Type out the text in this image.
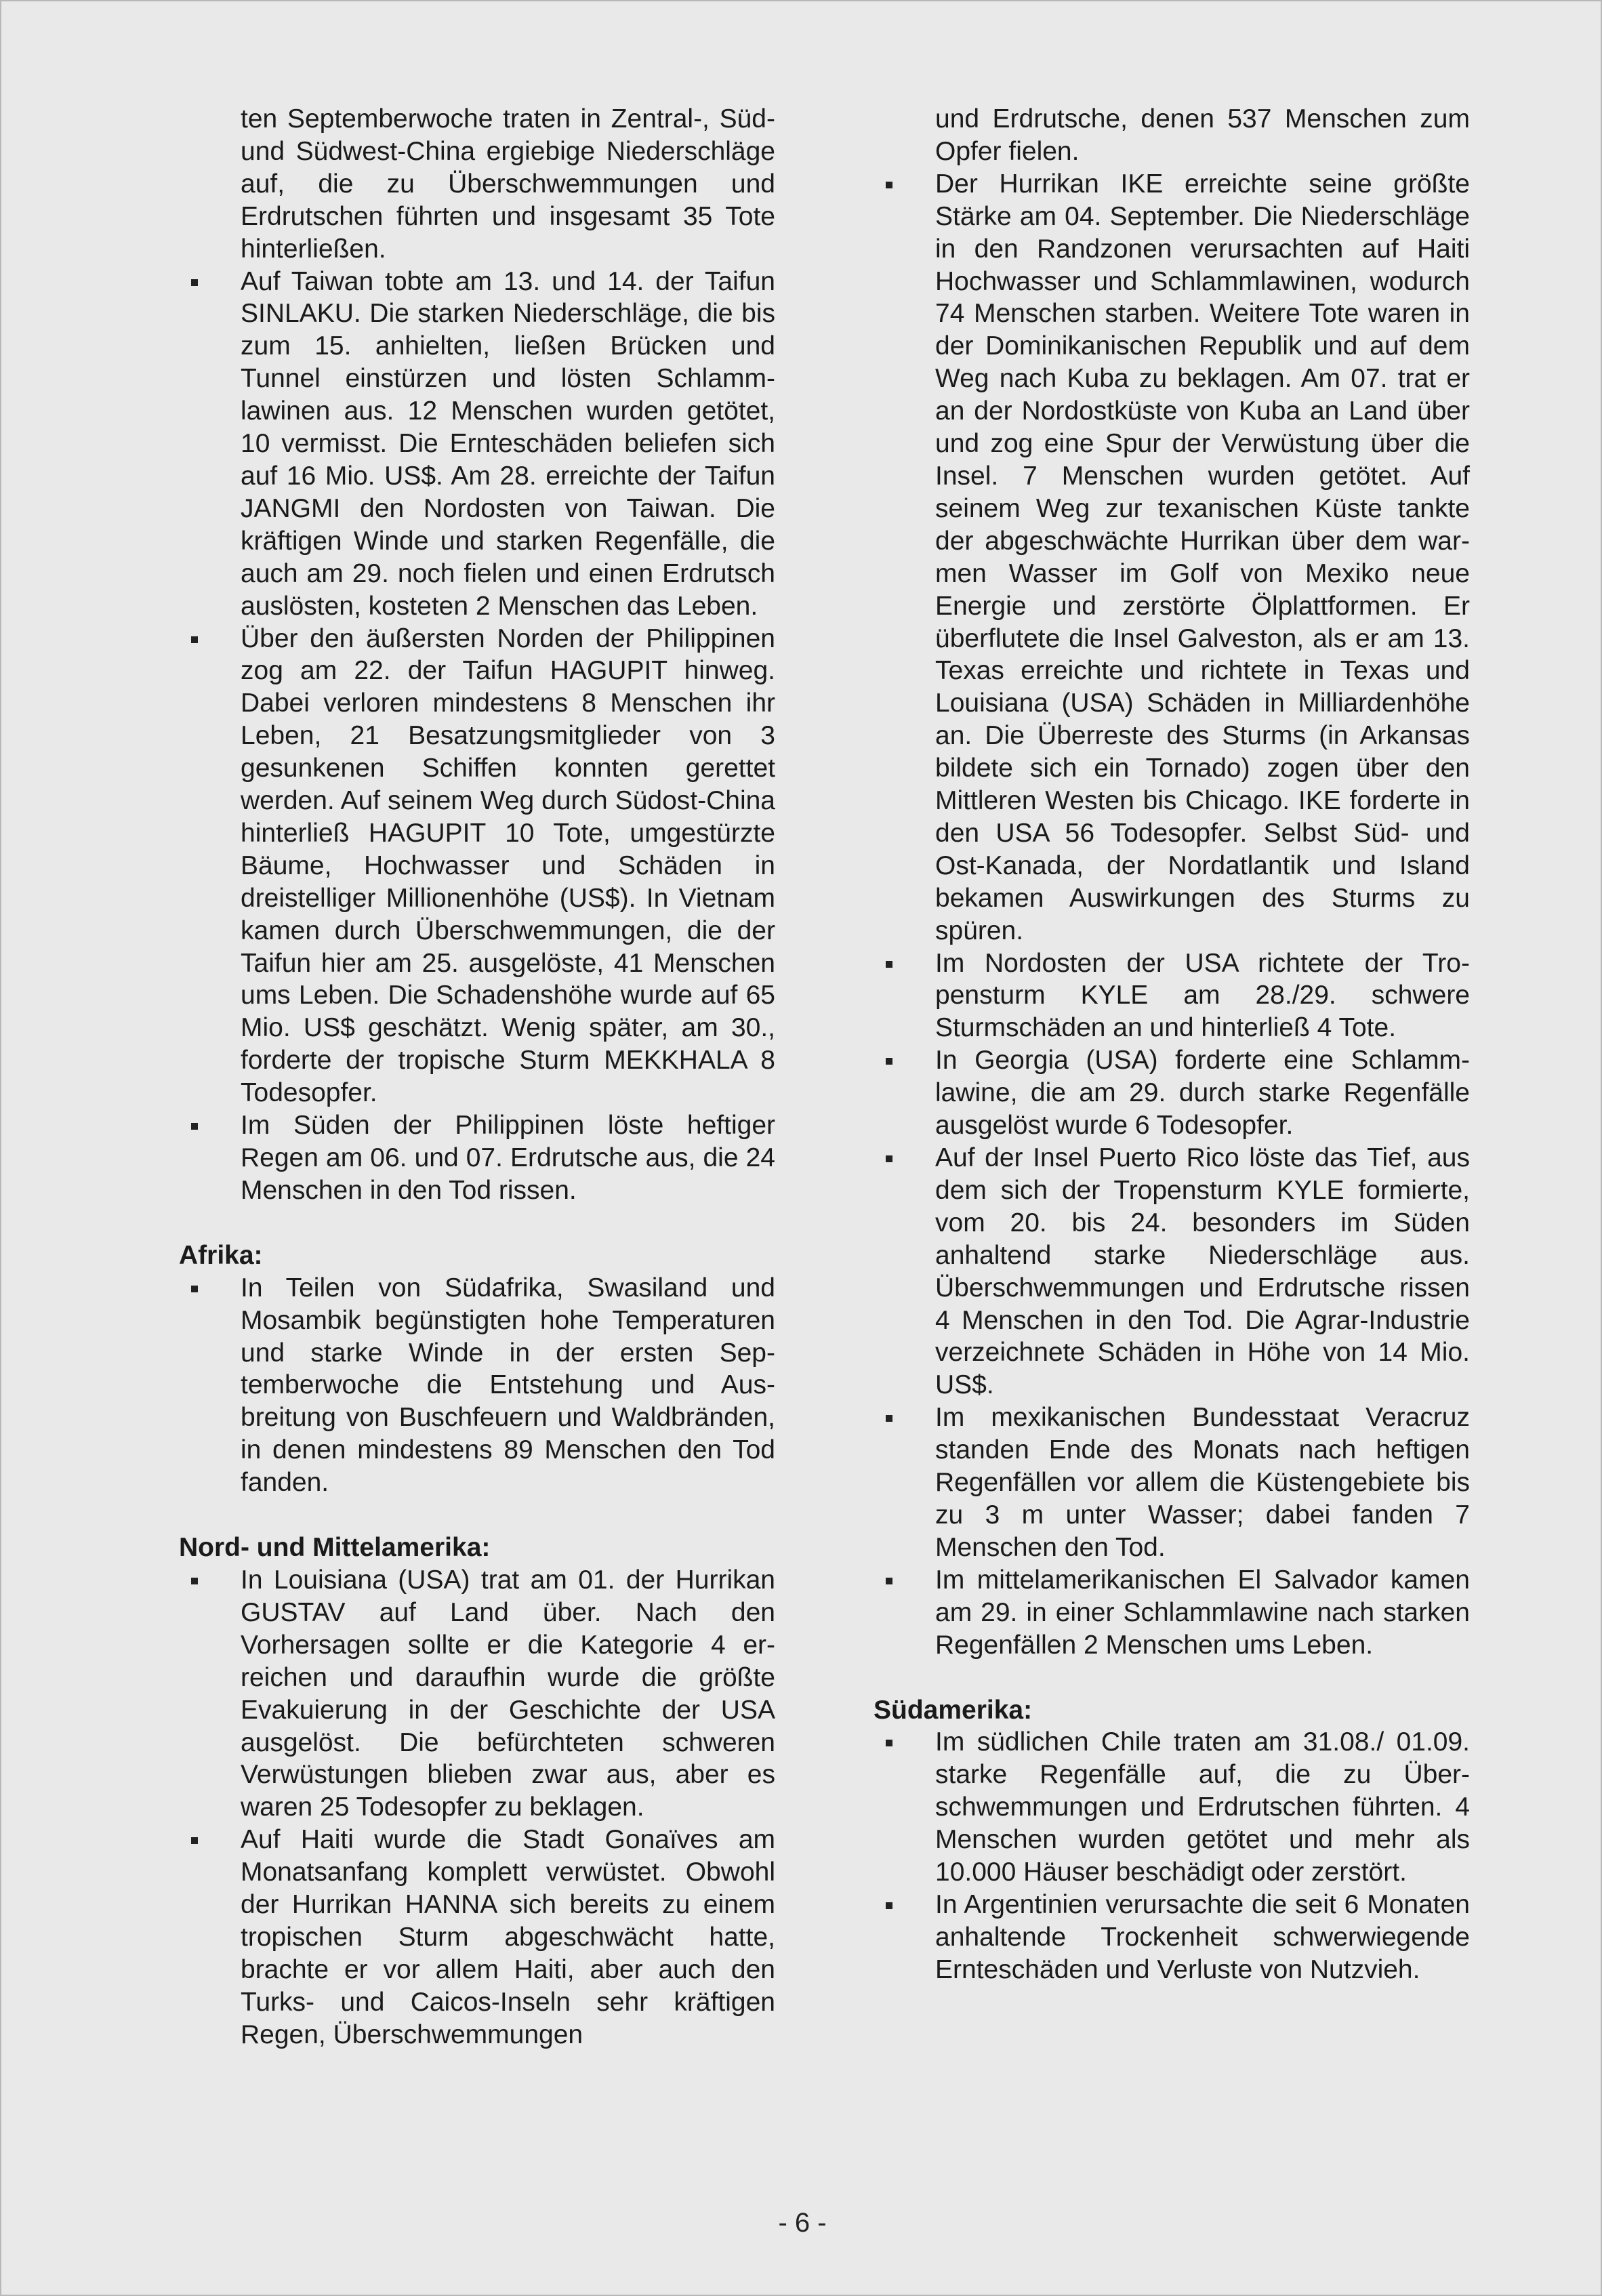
ten Septemberwoche traten in Zentral-, Süd- und Südwest-China ergiebige Niederschläge auf, die zu Überschwemmungen und Erdrutschen führten und insgesamt 35 Tote hinterließen.
Auf Taiwan tobte am 13. und 14. der Taifun SINLAKU. Die starken Niederschläge, die bis zum 15. anhielten, ließen Brücken und Tunnel einstürzen und lösten Schlammlawinen aus. 12 Menschen wurden getötet, 10 vermisst. Die Ernteschäden beliefen sich auf 16 Mio. US$. Am 28. erreichte der Taifun JANGMI den Nordosten von Taiwan. Die kräftigen Winde und starken Regenfälle, die auch am 29. noch fielen und einen Erdrutsch auslösten, kosteten 2 Menschen das Leben.
Über den äußersten Norden der Philippinen zog am 22. der Taifun HAGUPIT hinweg. Dabei verloren mindestens 8 Menschen ihr Leben, 21 Besatzungsmitglieder von 3 gesunkenen Schiffen konnten gerettet werden. Auf seinem Weg durch Südost-China hinterließ HAGUPIT 10 Tote, umgestürzte Bäume, Hochwasser und Schäden in dreistelliger Millionenhöhe (US$). In Vietnam kamen durch Überschwemmungen, die der Taifun hier am 25. ausgelöste, 41 Menschen ums Leben. Die Schadenshöhe wurde auf 65 Mio. US$ geschätzt. Wenig später, am 30., forderte der tropische Sturm MEKKHALA 8 Todesopfer.
Im Süden der Philippinen löste heftiger Regen am 06. und 07. Erdrutsche aus, die 24 Menschen in den Tod rissen.
Afrika:
In Teilen von Südafrika, Swasiland und Mosambik begünstigten hohe Temperaturen und starke Winde in der ersten Septemberwoche die Entstehung und Ausbreitung von Buschfeuern und Waldbränden, in denen mindestens 89 Menschen den Tod fanden.
Nord- und Mittelamerika:
In Louisiana (USA) trat am 01. der Hurrikan GUSTAV auf Land über. Nach den Vorhersagen sollte er die Kategorie 4 erreichen und daraufhin wurde die größte Evakuierung in der Geschichte der USA ausgelöst. Die befürchteten schweren Verwüstungen blieben zwar aus, aber es waren 25 Todesopfer zu beklagen.
Auf Haiti wurde die Stadt Gonaïves am Monatsanfang komplett verwüstet. Obwohl der Hurrikan HANNA sich bereits zu einem tropischen Sturm abgeschwächt hatte, brachte er vor allem Haiti, aber auch den Turks- und Caicos-Inseln sehr kräftigen Regen, Überschwemmungen
und Erdrutsche, denen 537 Menschen zum Opfer fielen.
Der Hurrikan IKE erreichte seine größte Stärke am 04. September. Die Niederschläge in den Randzonen verursachten auf Haiti Hochwasser und Schlammlawinen, wodurch 74 Menschen starben. Weitere Tote waren in der Dominikanischen Republik und auf dem Weg nach Kuba zu beklagen. Am 07. trat er an der Nordostküste von Kuba an Land über und zog eine Spur der Verwüstung über die Insel. 7 Menschen wurden getötet. Auf seinem Weg zur texanischen Küste tankte der abgeschwächte Hurrikan über dem warmen Wasser im Golf von Mexiko neue Energie und zerstörte Ölplattformen. Er überflutete die Insel Galveston, als er am 13. Texas erreichte und richtete in Texas und Louisiana (USA) Schäden in Milliardenhöhe an. Die Überreste des Sturms (in Arkansas bildete sich ein Tornado) zogen über den Mittleren Westen bis Chicago. IKE forderte in den USA 56 Todesopfer. Selbst Süd- und Ost-Kanada, der Nordatlantik und Island bekamen Auswirkungen des Sturms zu spüren.
Im Nordosten der USA richtete der Tropensturm KYLE am 28./29. schwere Sturmschäden an und hinterließ 4 Tote.
In Georgia (USA) forderte eine Schlammlawine, die am 29. durch starke Regenfälle ausgelöst wurde 6 Todesopfer.
Auf der Insel Puerto Rico löste das Tief, aus dem sich der Tropensturm KYLE formierte, vom 20. bis 24. besonders im Süden anhaltend starke Niederschläge aus. Überschwemmungen und Erdrutsche rissen 4 Menschen in den Tod. Die Agrar-Industrie verzeichnete Schäden in Höhe von 14 Mio. US$.
Im mexikanischen Bundesstaat Veracruz standen Ende des Monats nach heftigen Regenfällen vor allem die Küstengebiete bis zu 3 m unter Wasser; dabei fanden 7 Menschen den Tod.
Im mittelamerikanischen El Salvador kamen am 29. in einer Schlammlawine nach starken Regenfällen 2 Menschen ums Leben.
Südamerika:
Im südlichen Chile traten am 31.08./ 01.09. starke Regenfälle auf, die zu Überschwemmungen und Erdrutschen führten. 4 Menschen wurden getötet und mehr als 10.000 Häuser beschädigt oder zerstört.
In Argentinien verursachte die seit 6 Monaten anhaltende Trockenheit schwerwiegende Ernteschäden und Verluste von Nutzvieh.
- 6 -
